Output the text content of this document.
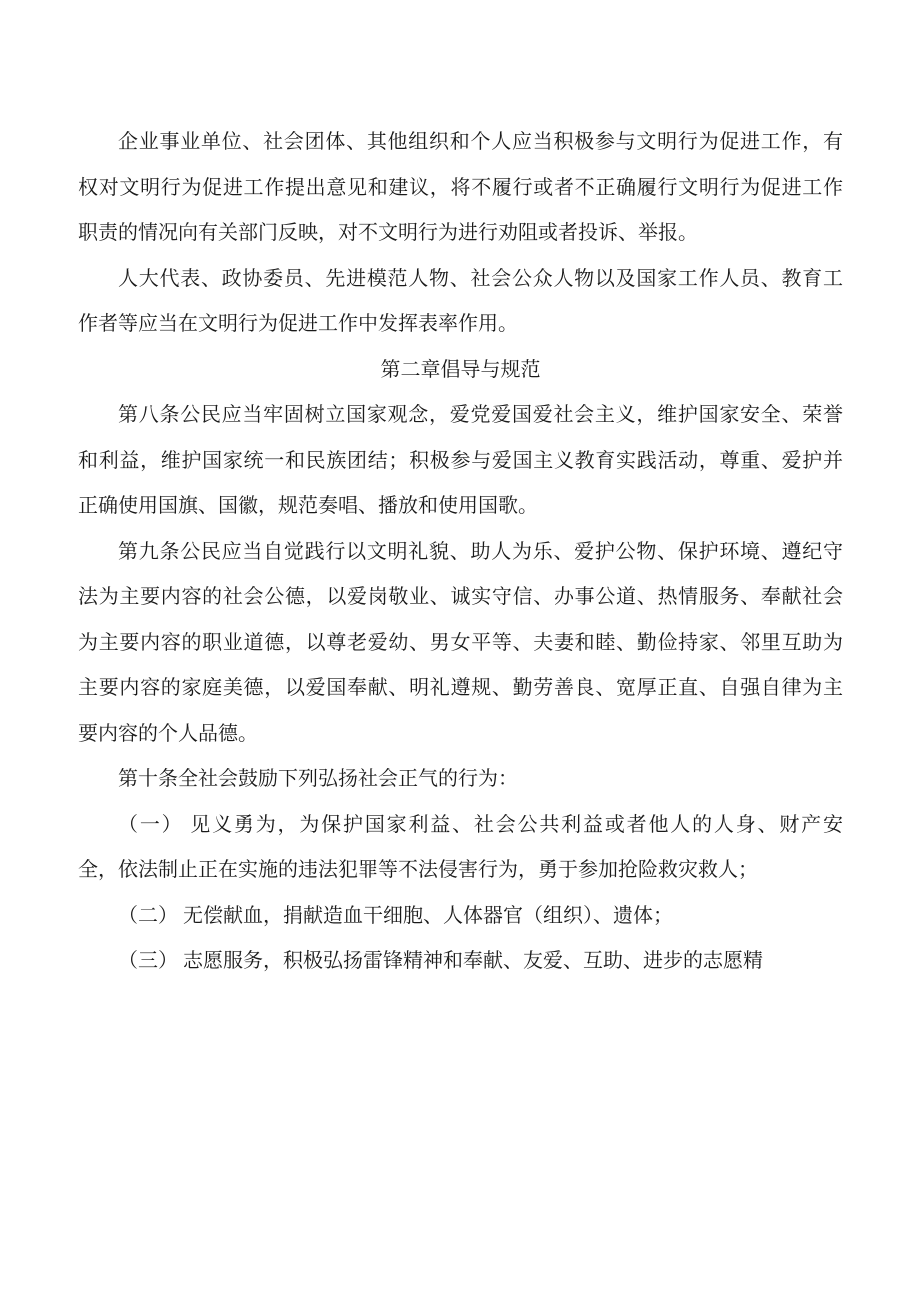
企业事业单位、社会团体、其他组织和个人应当积极参与文明行为促进工作，有
权对文明行为促进工作提出意见和建议，将不履行或者不正确履行文明行为促进工作
职责的情况向有关部门反映，对不文明行为进行劝阻或者投诉、举报。

人大代表、政协委员、先进模范人物、社会公众人物以及国家工作人员、教育工
作者等应当在文明行为促进工作中发挥表率作用。

第二章倡导与规范

第八条公民应当牢固树立国家观念，爱党爱国爱社会主义，维护国家安全、荣誉
和利益，维护国家统一和民族团结；积极参与爱国主义教育实践活动，尊重、爱护并
正确使用国旗、国徽，规范奏唱、播放和使用国歌。

第九条公民应当自觉践行以文明礼貌、助人为乐、爱护公物、保护环境、遵纪守
法为主要内容的社会公德，以爱岗敬业、诚实守信、办事公道、热情服务、奉献社会
为主要内容的职业道德，以尊老爱幼、男女平等、夫妻和睦、勤俭持家、邻里互助为
主要内容的家庭美德，以爱国奉献、明礼遵规、勤劳善良、宽厚正直、自强自律为主
要内容的个人品德。

第十条全社会鼓励下列弘扬社会正气的行为：

（一） 见义勇为，为保护国家利益、社会公共利益或者他人的人身、财产安
全，依法制止正在实施的违法犯罪等不法侵害行为，勇于参加抢险救灾救人；

（二） 无偿献血，捐献造血干细胞、人体器官（组织）、遗体；

（三） 志愿服务，积极弘扬雷锋精神和奉献、友爱、互助、进步的志愿精
